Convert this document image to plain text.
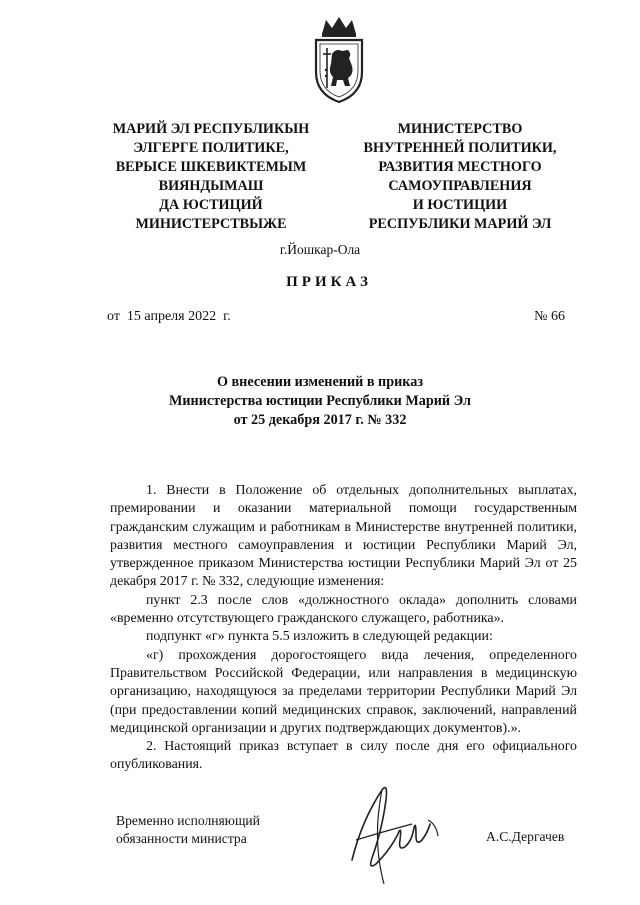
МАРИЙ ЭЛ РЕСПУБЛИКЫН
ЭЛГЕРГЕ ПОЛИТИКЕ,
ВЕРЫСЕ ШКЕВИКТЕМЫМ
ВИЯНДЫМАШ
ДА ЮСТИЦИЙ
МИНИСТЕРСТВЫЖЕ
МИНИСТЕРСТВО
ВНУТРЕННЕЙ ПОЛИТИКИ,
РАЗВИТИЯ МЕСТНОГО
САМОУПРАВЛЕНИЯ
И ЮСТИЦИИ
РЕСПУБЛИКИ МАРИЙ ЭЛ
г.Йошкар-Ола
ПРИКАЗ
от  15 апреля 2022  г.	№ 66
О внесении изменений в приказ
Министерства юстиции Республики Марий Эл
от 25 декабря 2017 г. № 332

1. Внести в Положение об отдельных дополнительных выплатах, премировании и оказании материальной помощи государственным гражданским служащим и работникам в Министерстве внутренней политики, развития местного самоуправления и юстиции Республики Марий Эл, утвержденное приказом Министерства юстиции Республики Марий Эл от 25 декабря 2017 г. № 332, следующие изменения:

пункт 2.3 после слов «должностного оклада» дополнить словами «временно отсутствующего гражданского служащего, работника».

подпункт «г» пункта 5.5 изложить в следующей редакции:

«г) прохождения дорогостоящего вида лечения, определенного Правительством Российской Федерации, или направления в медицинскую организацию, находящуюся за пределами территории Республики Марий Эл (при предоставлении копий медицинских справок, заключений, направлений медицинской организации и других подтверждающих документов).».

2. Настоящий приказ вступает в силу после дня его официального опубликования.

Временно исполняющий
обязанности министра	А.С.Дергачев
